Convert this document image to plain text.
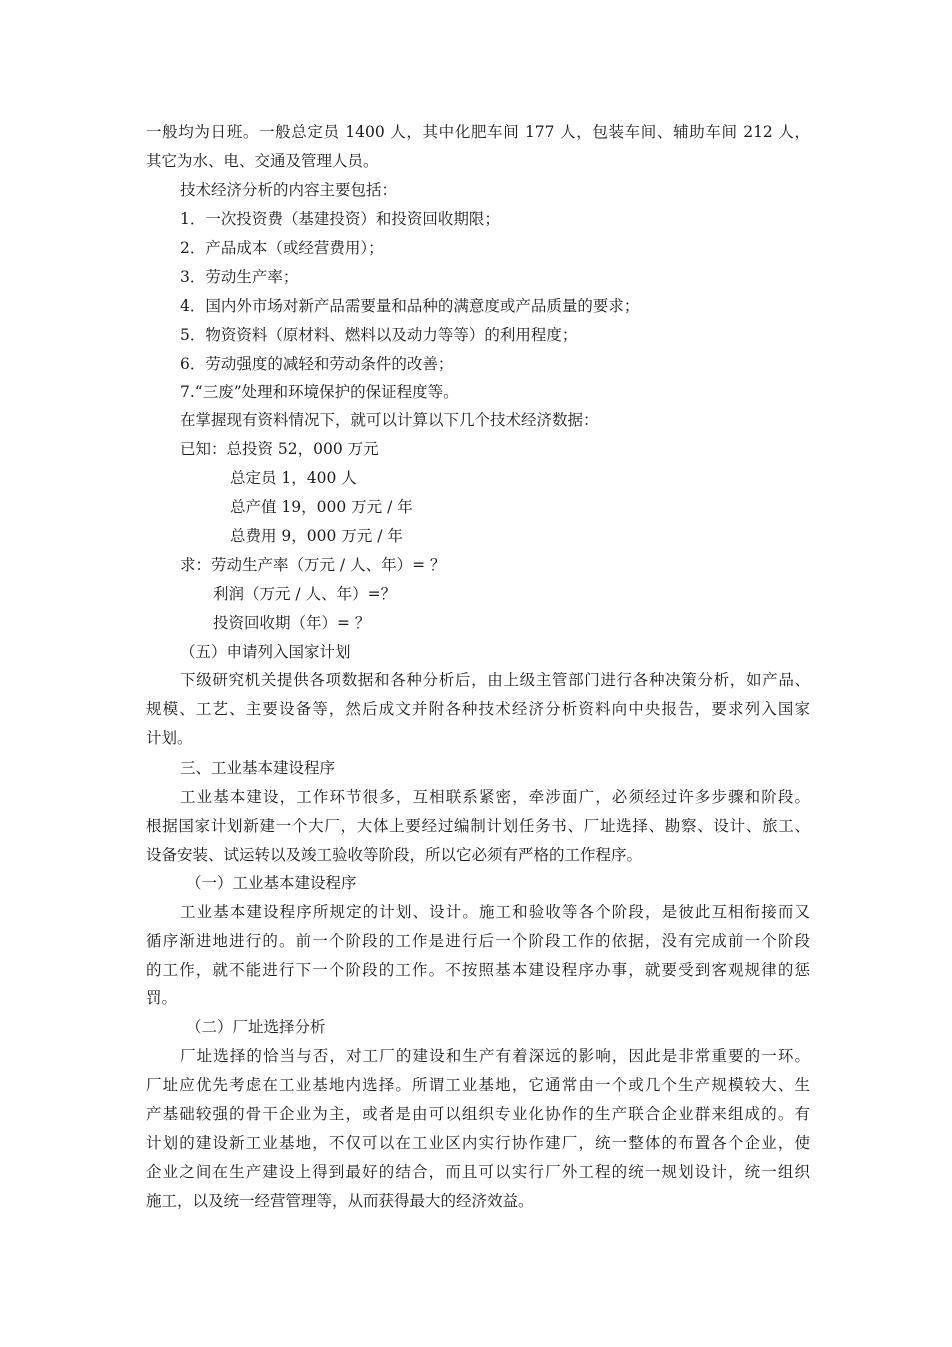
一般均为日班。一般总定员 1400 人，其中化肥车间 177 人，包装车间、辅助车间 212 人，
其它为水、电、交通及管理人员。
技术经济分析的内容主要包括：
1．一次投资费（基建投资）和投资回收期限；
2．产品成本（或经营费用）；
3．劳动生产率；
4．国内外市场对新产品需要量和品种的满意度或产品质量的要求；
5．物资资料（原材料、燃料以及动力等等）的利用程度；
6．劳动强度的减轻和劳动条件的改善；
7.“三废”处理和环境保护的保证程度等。
在掌握现有资料情况下，就可以计算以下几个技术经济数据：
已知：总投资 52，000 万元
总定员 1，400 人
总产值 19，000 万元 / 年
总费用 9，000 万元 / 年
求：劳动生产率（万元 / 人、年）= ？
利润（万元 / 人、年）=？
投资回收期（年）= ？
（五）申请列入国家计划
下级研究机关提供各项数据和各种分析后，由上级主管部门进行各种决策分析，如产品、
规模、工艺、主要设备等，然后成文并附各种技术经济分析资料向中央报告，要求列入国家
计划。
三、工业基本建设程序
工业基本建设，工作环节很多，互相联系紧密，牵涉面广，必须经过许多步骤和阶段。
根据国家计划新建一个大厂，大体上要经过编制计划任务书、厂址选择、勘察、设计、旅工、
设备安装、试运转以及竣工验收等阶段，所以它必须有严格的工作程序。
（一）工业基本建设程序
工业基本建设程序所规定的计划、设计。施工和验收等各个阶段，是彼此互相衔接而又
循序渐进地进行的。前一个阶段的工作是进行后一个阶段工作的依据，没有完成前一个阶段
的工作，就不能进行下一个阶段的工作。不按照基本建设程序办事，就要受到客观规律的惩
罚。
（二）厂址选择分析
厂址选择的恰当与否，对工厂的建设和生产有着深远的影响，因此是非常重要的一环。
厂址应优先考虑在工业基地内选择。所谓工业基地，它通常由一个或几个生产规模较大、生
产基础较强的骨干企业为主，或者是由可以组织专业化协作的生产联合企业群来组成的。有
计划的建设新工业基地，不仅可以在工业区内实行协作建厂，统一整体的布置各个企业，使
企业之间在生产建设上得到最好的结合，而且可以实行厂外工程的统一规划设计，统一组织
施工，以及统一经营管理等，从而获得最大的经济效益。
